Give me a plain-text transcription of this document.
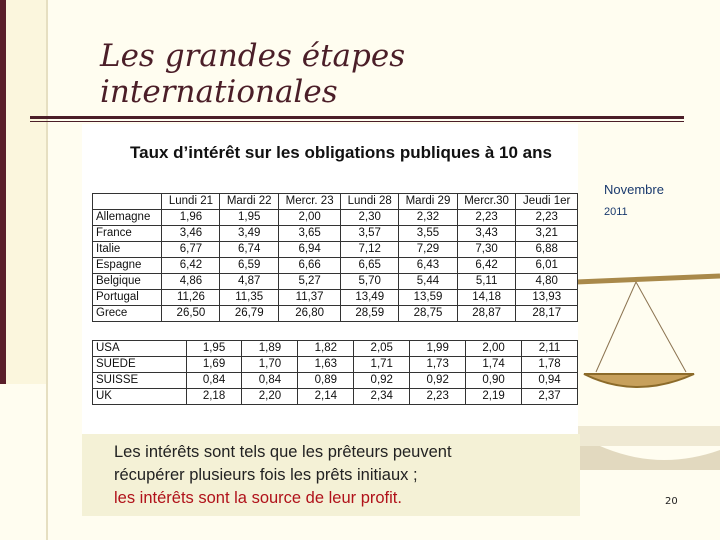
Les grandes étapes internationales
Taux d’intérêt sur les obligations publiques à 10 ans
Novembre
2011
	Lundi 21	Mardi 22	Mercr. 23	Lundi 28	Mardi 29	Mercr.30	Jeudi 1er
Allemagne	1,96	1,95	2,00	2,30	2,32	2,23	2,23
France	3,46	3,49	3,65	3,57	3,55	3,43	3,21
Italie	6,77	6,74	6,94	7,12	7,29	7,30	6,88
Espagne	6,42	6,59	6,66	6,65	6,43	6,42	6,01
Belgique	4,86	4,87	5,27	5,70	5,44	5,11	4,80
Portugal	11,26	11,35	11,37	13,49	13,59	14,18	13,93
Grece	26,50	26,79	26,80	28,59	28,75	28,87	28,17
USA	1,95	1,89	1,82	2,05	1,99	2,00	2,11
SUEDE	1,69	1,70	1,63	1,71	1,73	1,74	1,78
SUISSE	0,84	0,84	0,89	0,92	0,92	0,90	0,94
UK	2,18	2,20	2,14	2,34	2,23	2,19	2,37
Les intérêts sont tels que les prêteurs peuvent
récupérer plusieurs fois les prêts initiaux ;
les intérêts sont la source de leur profit.	20
